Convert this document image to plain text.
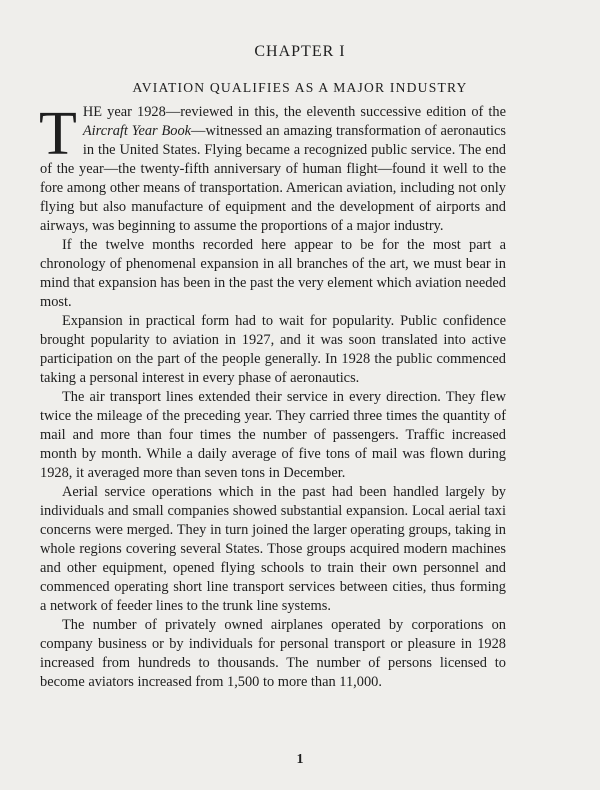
CHAPTER I
AVIATION QUALIFIES AS A MAJOR INDUSTRY

THE year 1928—reviewed in this, the eleventh successive edition of the Aircraft Year Book—witnessed an amazing transformation of aeronautics in the United States. Flying became a recognized public service. The end of the year—the twenty-fifth anniversary of human flight—found it well to the fore among other means of transportation. American aviation, including not only flying but also manufacture of equipment and the development of airports and airways, was beginning to assume the proportions of a major industry.

If the twelve months recorded here appear to be for the most part a chronology of phenomenal expansion in all branches of the art, we must bear in mind that expansion has been in the past the very element which aviation needed most.

Expansion in practical form had to wait for popularity. Public confidence brought popularity to aviation in 1927, and it was soon translated into active participation on the part of the people generally. In 1928 the public commenced taking a personal interest in every phase of aeronautics.

The air transport lines extended their service in every direction. They flew twice the mileage of the preceding year. They carried three times the quantity of mail and more than four times the number of passengers. Traffic increased month by month. While a daily average of five tons of mail was flown during 1928, it averaged more than seven tons in December.

Aerial service operations which in the past had been handled largely by individuals and small companies showed substantial expansion. Local aerial taxi concerns were merged. They in turn joined the larger operating groups, taking in whole regions covering several States. Those groups acquired modern machines and other equipment, opened flying schools to train their own personnel and commenced operating short line transport services between cities, thus forming a network of feeder lines to the trunk line systems.

The number of privately owned airplanes operated by corporations on company business or by individuals for personal transport or pleasure in 1928 increased from hundreds to thousands. The number of persons licensed to become aviators increased from 1,500 to more than 11,000.

1
